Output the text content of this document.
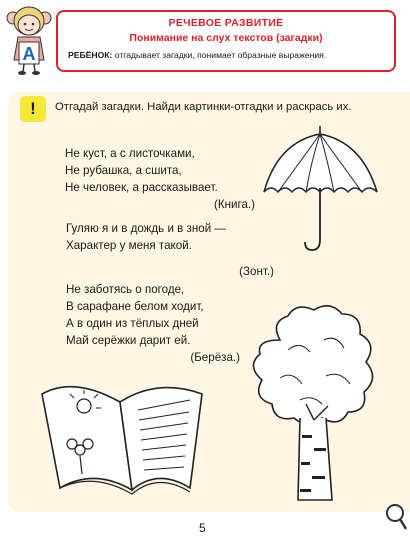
РЕЧЕВОЕ РАЗВИТИЕ
Понимание на слух текстов (загадки)
РЕБЁНОК: отгадывает загадки, понимает образные выражения.
A
!	Отгадай загадки. Найди картинки-отгадки и раскрась их.
Не куст, а с листочками,
Не рубашка, а сшита,
Не человек, а рассказывает.
(Книга.)
Гуляю я и в дождь и в зной —
Характер у меня такой.
(Зонт.)
Не заботясь о погоде,
В сарафане белом ходит,
А в один из тёплых дней
Май серёжки дарит ей.
(Берёза.)
5
